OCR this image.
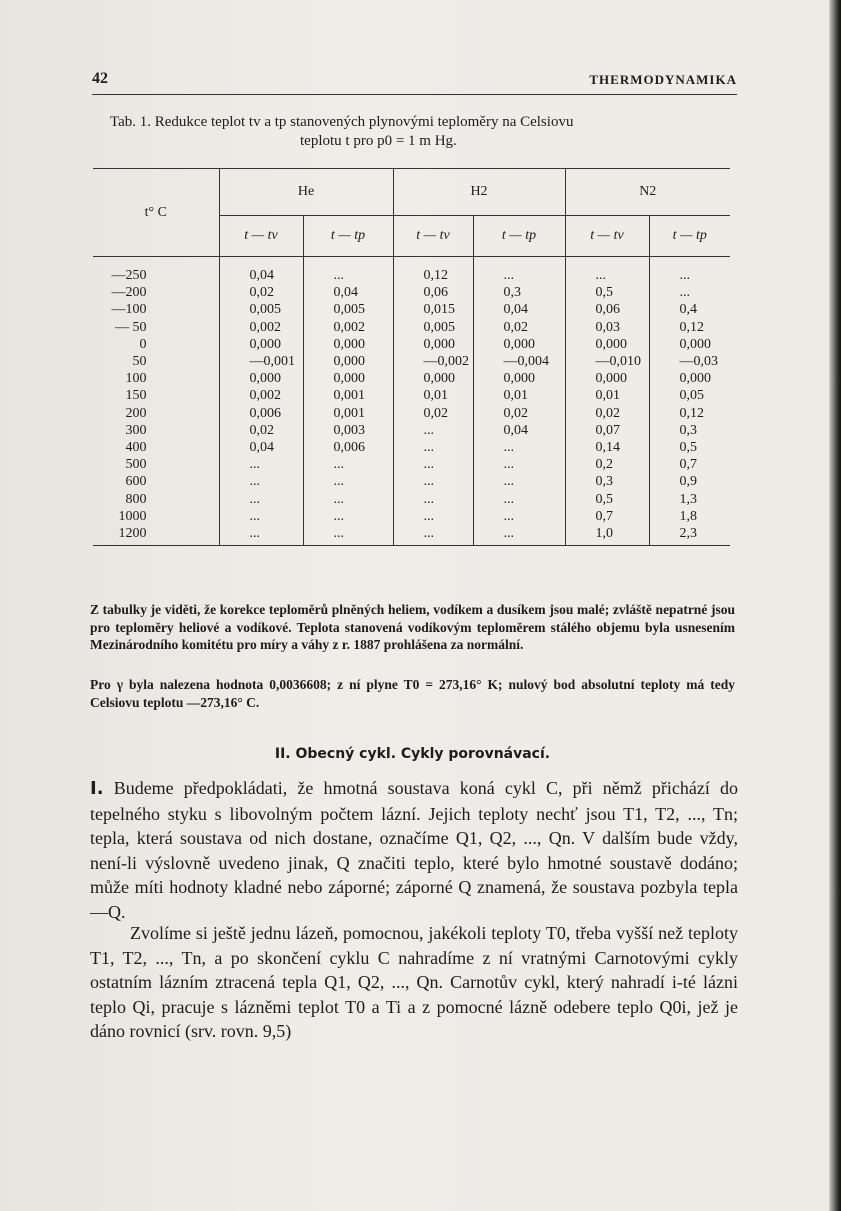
42	THERMODYNAMIKA
Tab. 1. Redukce teplot tv a tp stanovených plynovými teploměry na Celsiovu
teplotu t pro p0 = 1 m Hg.
t° C	He		H2		N2	
	t — tv	t — tp	t — tv	t — tp	t — tv	t — tp

—250	0,04	...	0,12	...	...	...
—200	0,02	0,04	0,06	0,3	0,5	...
—100	0,005	0,005	0,015	0,04	0,06	0,4
— 50	0,002	0,002	0,005	0,02	0,03	0,12
0	0,000	0,000	0,000	0,000	0,000	0,000
50	—0,001	0,000	—0,002	—0,004	—0,010	—0,03
100	0,000	0,000	0,000	0,000	0,000	0,000
150	0,002	0,001	0,01	0,01	0,01	0,05
200	0,006	0,001	0,02	0,02	0,02	0,12
300	0,02	0,003	...	0,04	0,07	0,3
400	0,04	0,006	...	...	0,14	0,5
500	...	...	...	...	0,2	0,7
600	...	...	...	...	0,3	0,9
800	...	...	...	...	0,5	1,3
1000	...	...	...	...	0,7	1,8
1200	...	...	...	...	1,0	2,3
Z tabulky je viděti, že korekce teploměrů plněných heliem, vodíkem a dusíkem jsou malé; zvláště nepatrné jsou pro teploměry heliové a vodíkové. Teplota stanovená vodíkovým teploměrem stálého objemu byla usnesením Mezinárodního komitétu pro míry a váhy z r. 1887 prohlášena za normální.
Pro γ byla nalezena hodnota 0,0036608; z ní plyne T0 = 273,16° K; nulový bod absolutní teploty má tedy Celsiovu teplotu —273,16° C.
II. Obecný cykl. Cykly porovnávací.
I. Budeme předpokládati, že hmotná soustava koná cykl C, při němž přichází do tepelného styku s libovolným počtem lázní. Jejich teploty nechť jsou T1, T2, ..., Tn; tepla, která soustava od nich dostane, označíme Q1, Q2, ..., Qn. V dalším bude vždy, není-li výslovně uvedeno jinak, Q značiti teplo, které bylo hmotné soustavě dodáno; může míti hodnoty kladné nebo záporné; záporné Q znamená, že soustava pozbyla tepla —Q.
Zvolíme si ještě jednu lázeň, pomocnou, jakékoli teploty T0, třeba vyšší než teploty T1, T2, ..., Tn, a po skončení cyklu C nahradíme z ní vratnými Carnotovými cykly ostatním lázním ztracená tepla Q1, Q2, ..., Qn. Carnotův cykl, který nahradí i-té lázni teplo Qi, pracuje s lázněmi teplot T0 a Ti a z pomocné lázně odebere teplo Q0i, jež je dáno rovnicí (srv. rovn. 9,5)
